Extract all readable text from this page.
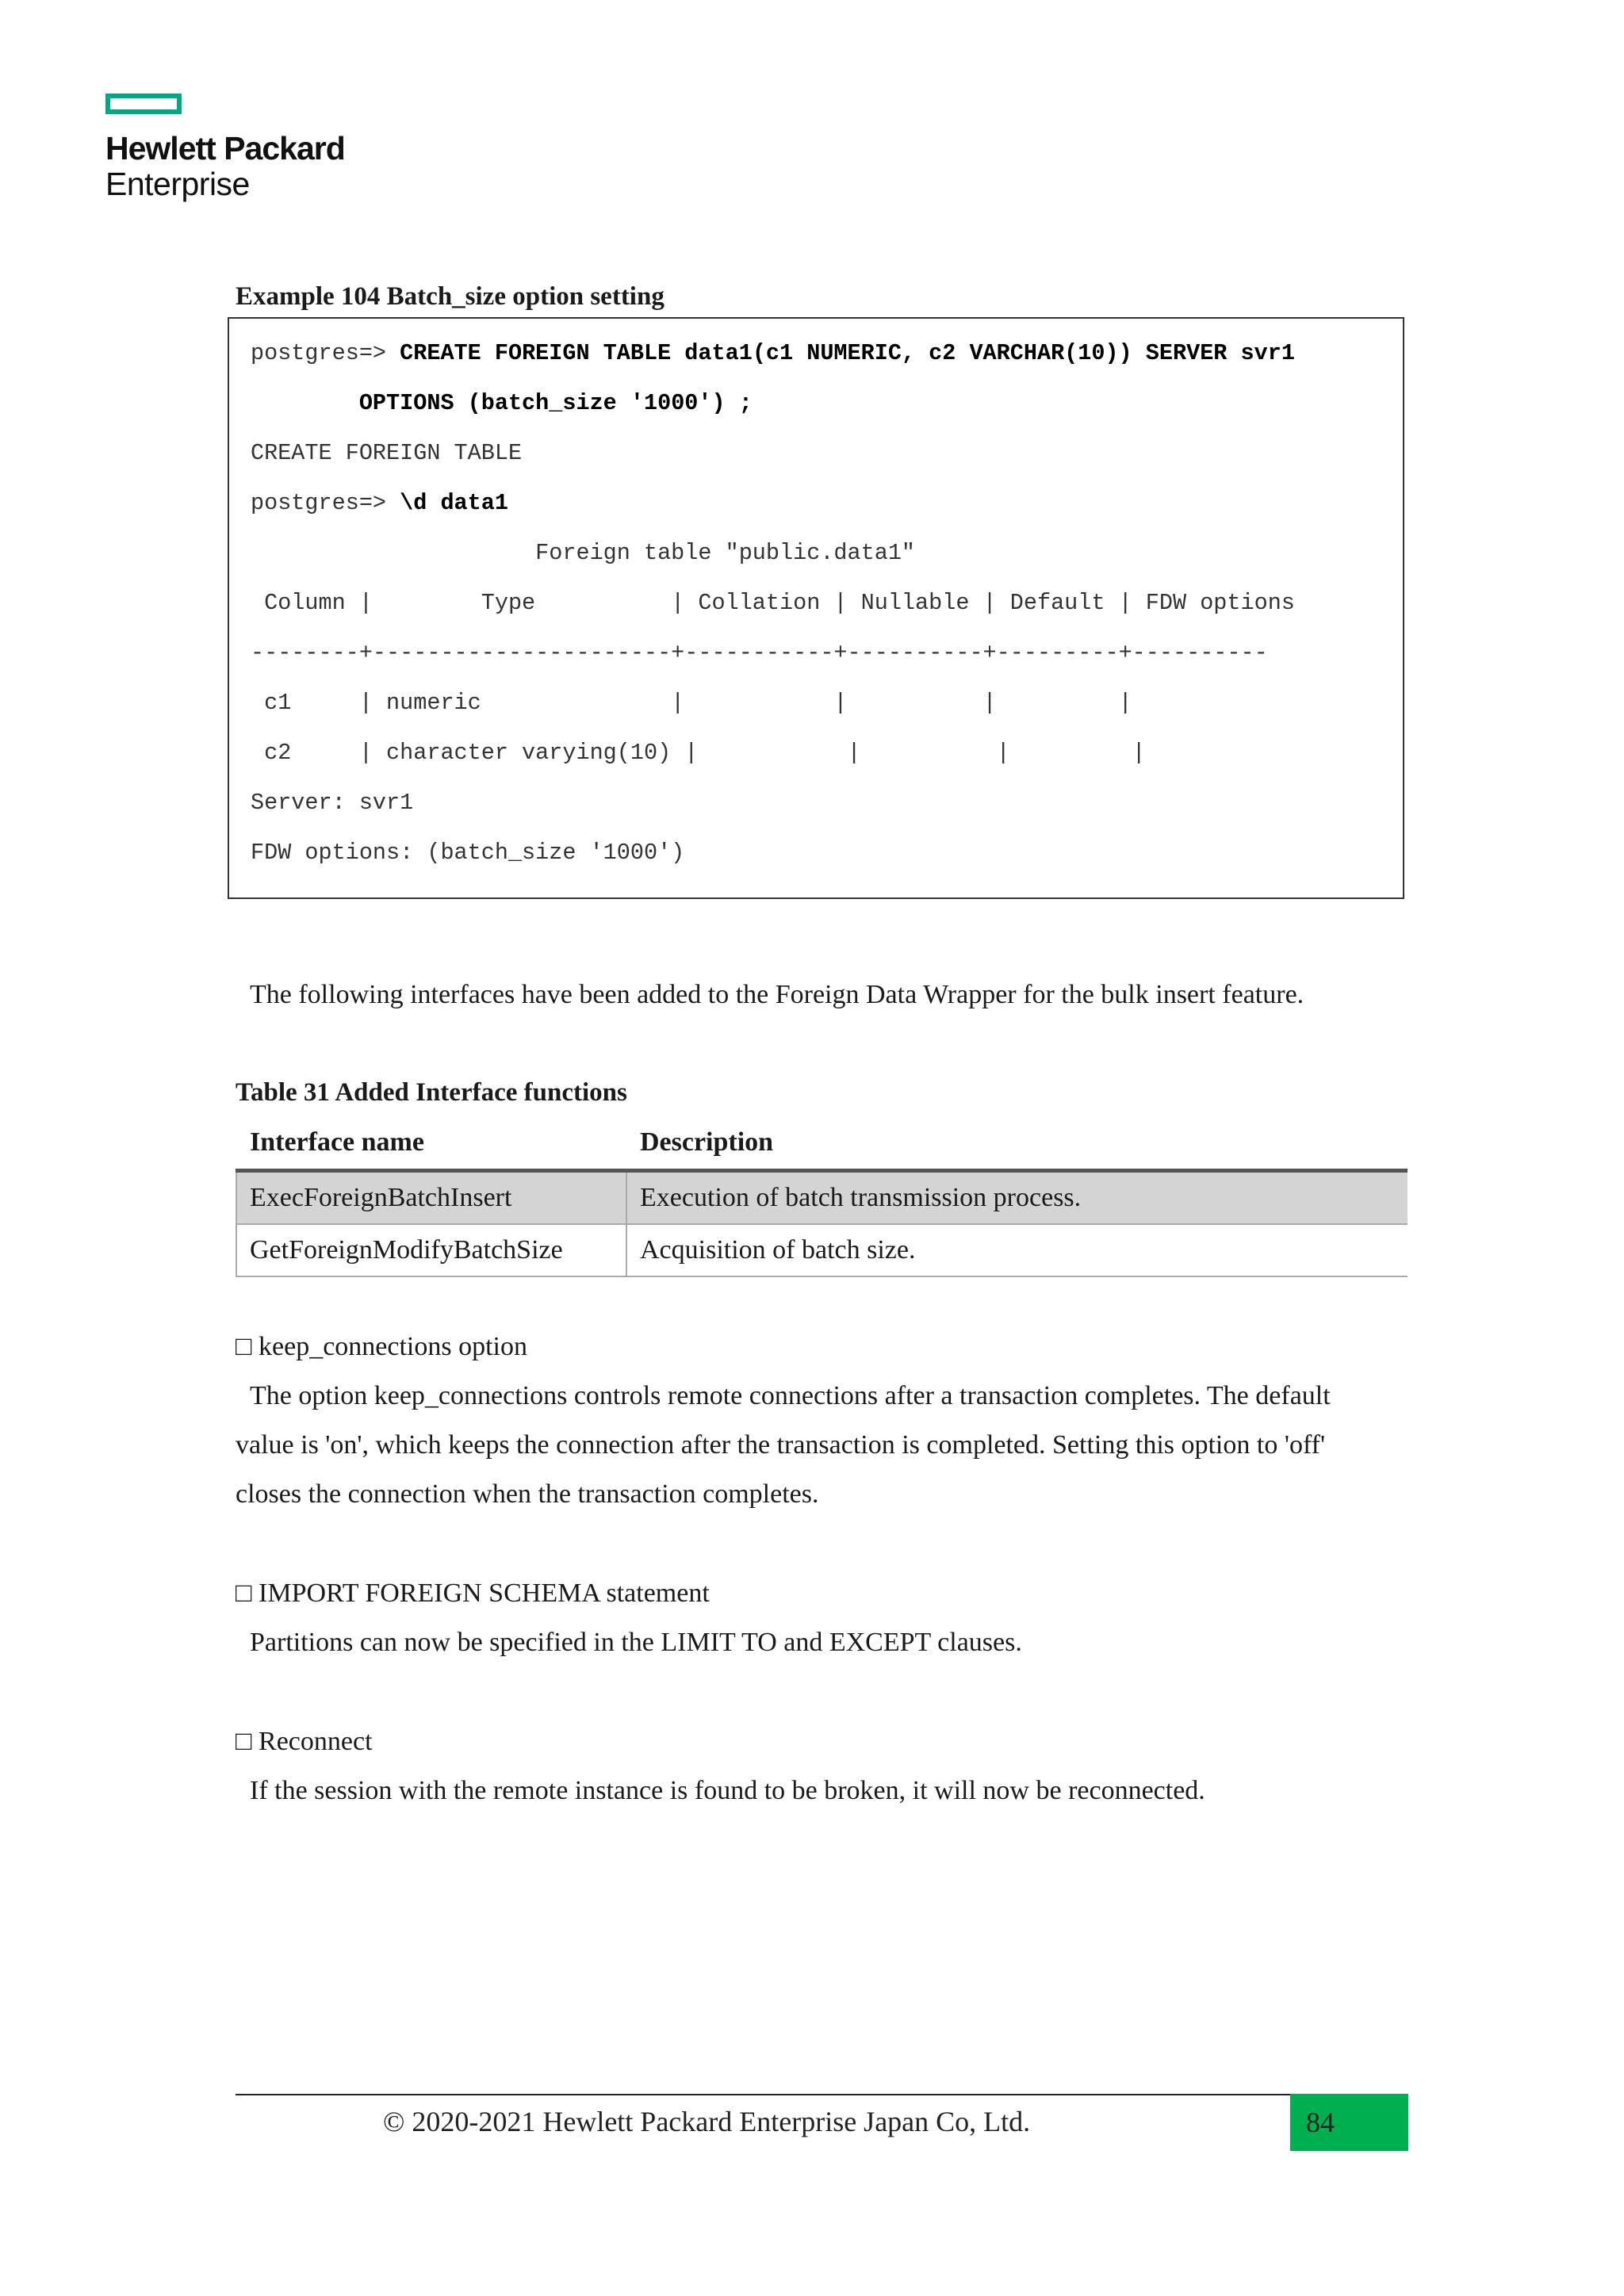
Hewlett Packard
Enterprise
Example 104 Batch_size option setting
postgres=> CREATE FOREIGN TABLE data1(c1 NUMERIC, c2 VARCHAR(10)) SERVER svr1
OPTIONS (batch_size '1000') ;
CREATE FOREIGN TABLE
postgres=> \d data1
Foreign table "public.data1"
Column |        Type          | Collation | Nullable | Default | FDW options
--------+----------------------+-----------+----------+---------+----------
c1     | numeric              |           |          |         |
c2     | character varying(10) |           |          |         |
Server: svr1
FDW options: (batch_size '1000')
The following interfaces have been added to the Foreign Data Wrapper for the bulk insert feature.
Table 31 Added Interface functions
Interface name	Description
ExecForeignBatchInsert	Execution of batch transmission process.
GetForeignModifyBatchSize	Acquisition of batch size.
□ keep_connections option
The option keep_connections controls remote connections after a transaction completes. The default
value is 'on', which keeps the connection after the transaction is completed. Setting this option to 'off'
closes the connection when the transaction completes.
□ IMPORT FOREIGN SCHEMA statement
Partitions can now be specified in the LIMIT TO and EXCEPT clauses.
□ Reconnect
If the session with the remote instance is found to be broken, it will now be reconnected.
© 2020-2021 Hewlett Packard Enterprise Japan Co, Ltd.	84
